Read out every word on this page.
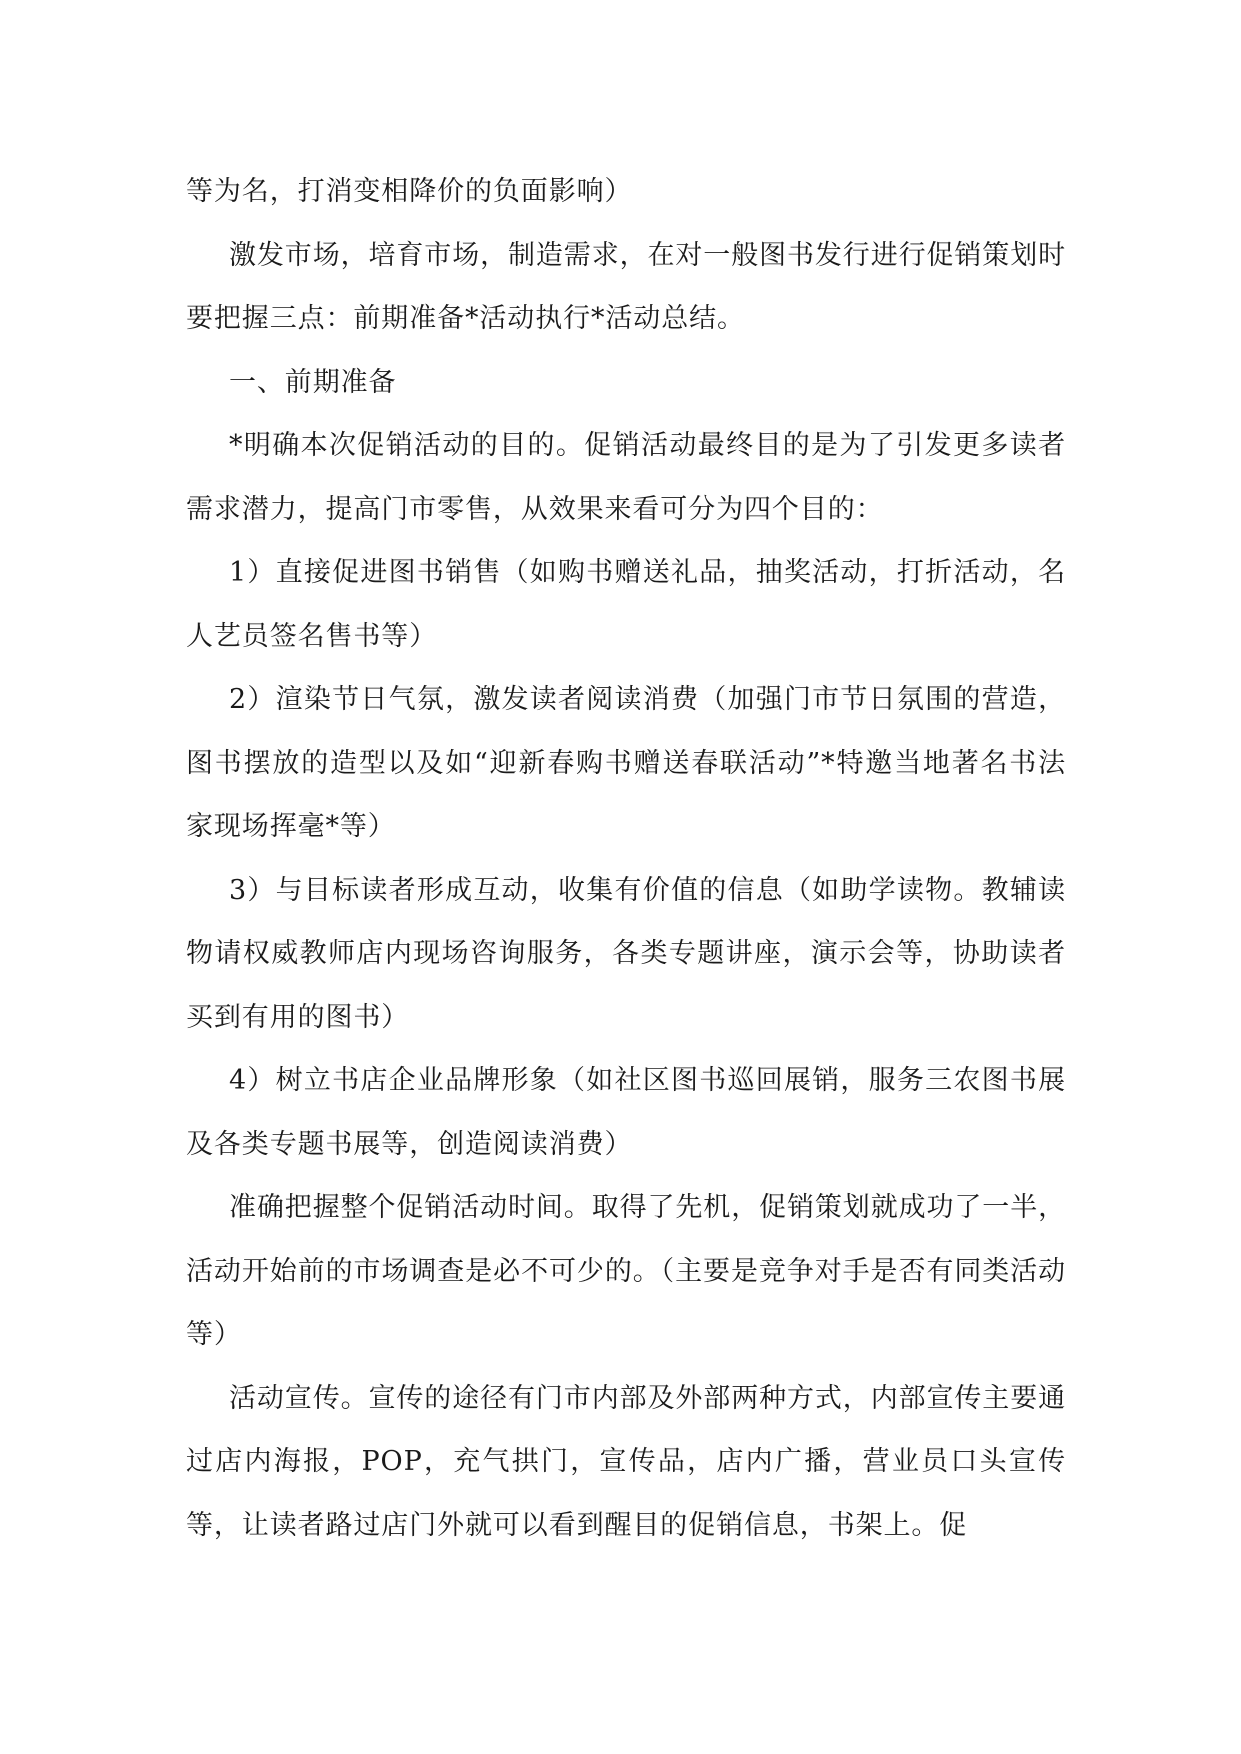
等为名，打消变相降价的负面影响）

激发市场，培育市场，制造需求，在对一般图书发行进行促销策划时要把握三点：前期准备*活动执行*活动总结。

一、前期准备

*明确本次促销活动的目的。促销活动最终目的是为了引发更多读者需求潜力，提高门市零售，从效果来看可分为四个目的：

1）直接促进图书销售（如购书赠送礼品，抽奖活动，打折活动，名人艺员签名售书等）

2）渲染节日气氛，激发读者阅读消费（加强门市节日氛围的营造，图书摆放的造型以及如“迎新春购书赠送春联活动”*特邀当地著名书法家现场挥毫*等）

3）与目标读者形成互动，收集有价值的信息（如助学读物。教辅读物请权威教师店内现场咨询服务，各类专题讲座，演示会等，协助读者买到有用的图书）

4）树立书店企业品牌形象（如社区图书巡回展销，服务三农图书展及各类专题书展等，创造阅读消费）

准确把握整个促销活动时间。取得了先机，促销策划就成功了一半，活动开始前的市场调查是必不可少的。（主要是竞争对手是否有同类活动等）

活动宣传。宣传的途径有门市内部及外部两种方式，内部宣传主要通过店内海报，POP，充气拱门，宣传品，店内广播，营业员口头宣传等，让读者路过店门外就可以看到醒目的促销信息，书架上。促
